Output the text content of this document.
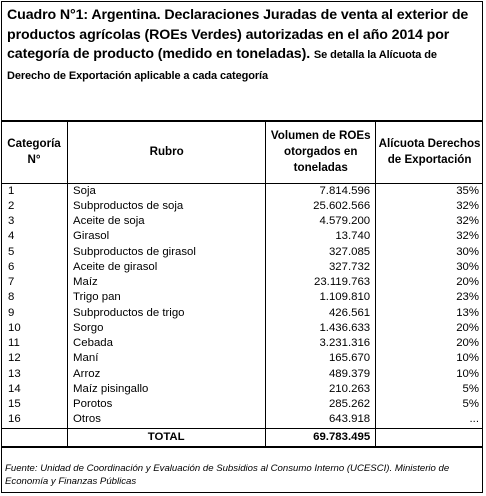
Cuadro N°1: Argentina. Declaraciones Juradas de venta al exterior de productos agrícolas (ROEs Verdes) autorizadas en el año 2014 por categoría de producto (medido en toneladas). Se detalla la Alícuota de Derecho de Exportación aplicable a cada categoría
Categoría N°	Rubro	Volumen de ROEs otorgados en toneladas	Alícuota Derechos de Exportación
1	Soja	7.814.596	35%
2	Subproductos de soja	25.602.566	32%
3	Aceite de soja	4.579.200	32%
4	Girasol	13.740	32%
5	Subproductos de girasol	327.085	30%
6	Aceite de girasol	327.732	30%
7	Maíz	23.119.763	20%
8	Trigo pan	1.109.810	23%
9	Subproductos de trigo	426.561	13%
10	Sorgo	1.436.633	20%
11	Cebada	3.231.316	20%
12	Maní	165.670	10%
13	Arroz	489.379	10%
14	Maíz pisingallo	210.263	5%
15	Porotos	285.262	5%
16	Otros	643.918	...
	TOTAL	69.783.495	
Fuente: Unidad de Coordinación y Evaluación de Subsidios al Consumo Interno (UCESCI). Ministerio de Economía y Finanzas Públicas
